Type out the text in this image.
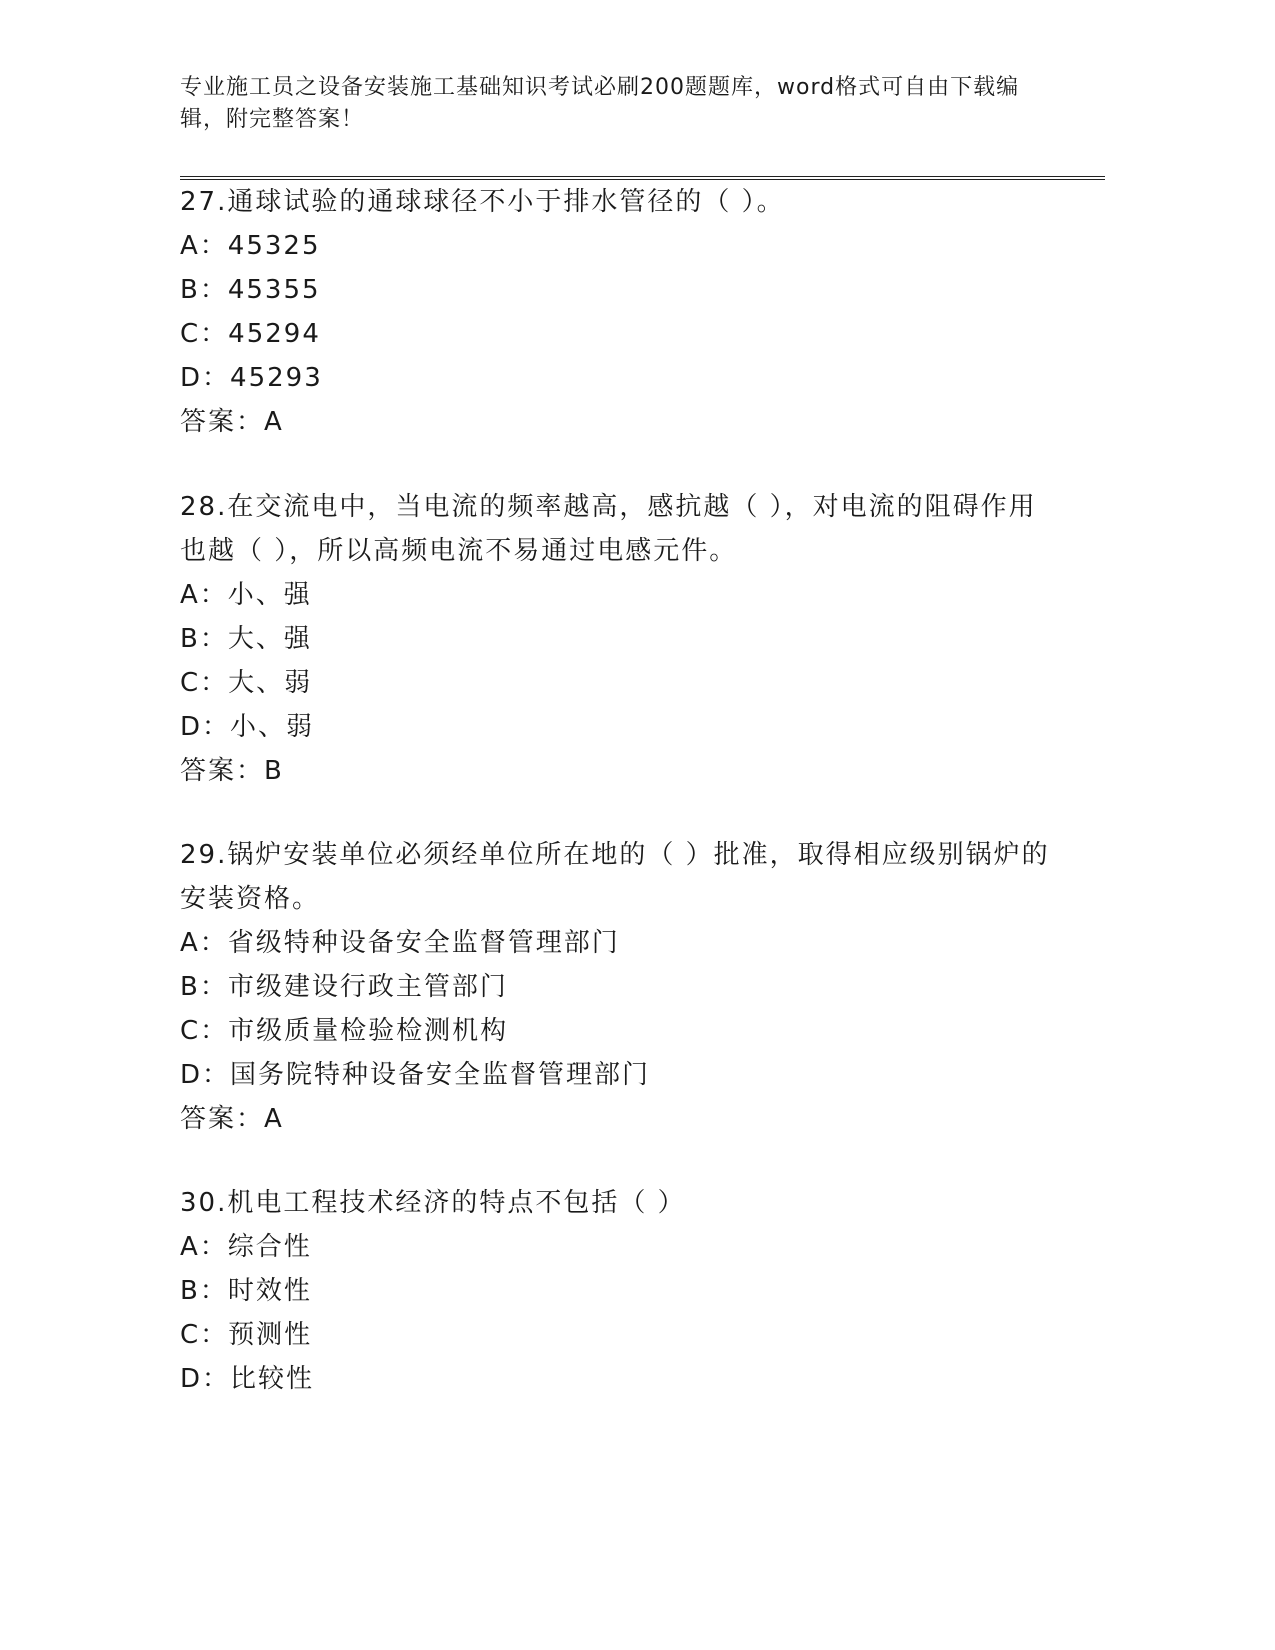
专业施工员之设备安装施工基础知识考试必刷200题题库，word格式可自由下载编辑，附完整答案！
27.通球试验的通球球径不小于排水管径的（ ）。
A：45325
B：45355
C：45294
D：45293
答案：A
28.在交流电中，当电流的频率越高，感抗越（ ），对电流的阻碍作用也越（ ），所以高频电流不易通过电感元件。
A：小、强
B：大、强
C：大、弱
D：小、弱
答案：B
29.锅炉安装单位必须经单位所在地的（ ）批准，取得相应级别锅炉的安装资格。
A：省级特种设备安全监督管理部门
B：市级建设行政主管部门
C：市级质量检验检测机构
D：国务院特种设备安全监督管理部门
答案：A
30.机电工程技术经济的特点不包括（ ）
A：综合性
B：时效性
C：预测性
D：比较性
